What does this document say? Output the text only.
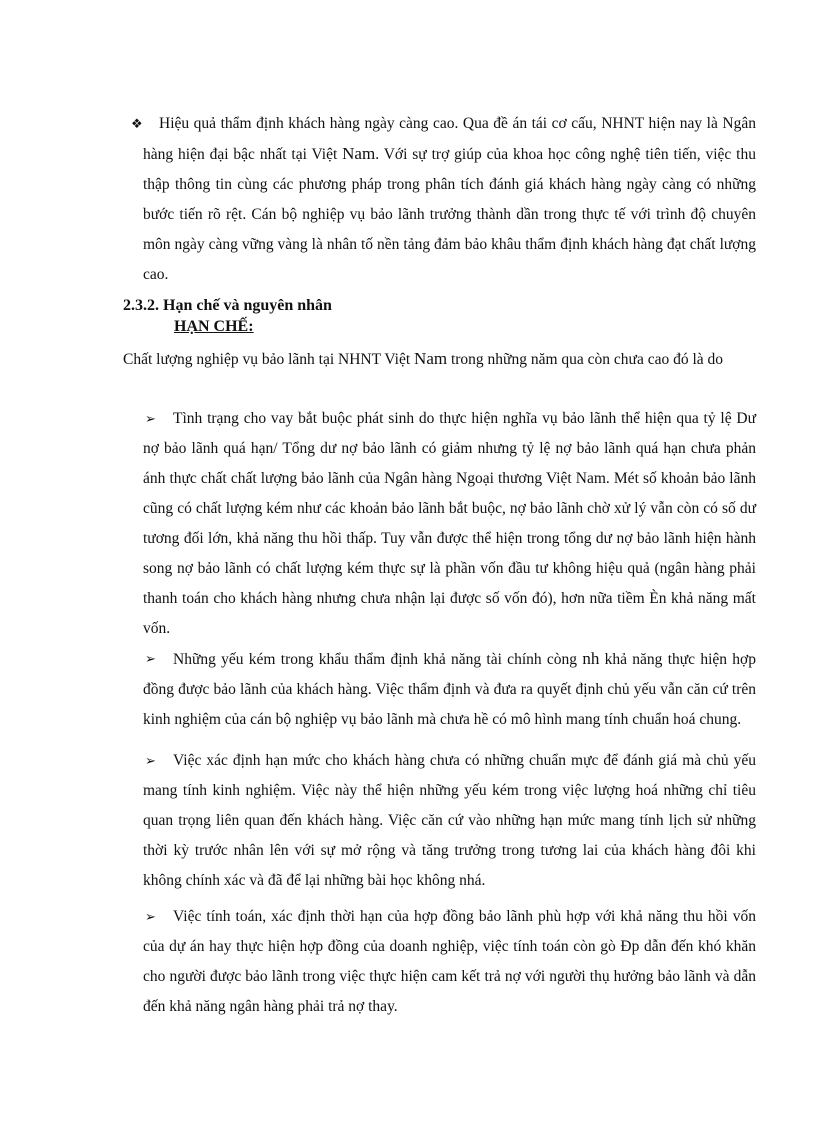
❖	Hiệu quả thẩm định khách hàng ngày càng cao. Qua đề án tái cơ cấu, NHNT hiện nay là Ngân hàng hiện đại bậc nhất tại Việt Nam. Với sự trợ giúp của khoa học công nghệ tiên tiến, việc thu thập thông tin cùng các phương pháp trong phân tích đánh giá khách hàng ngày càng có những bước tiến rõ rệt. Cán bộ nghiệp vụ bảo lãnh trưởng thành dần trong thực tế với trình độ chuyên môn ngày càng vững vàng là nhân tố nền tảng đảm bảo khâu thẩm định khách hàng đạt chất lượng cao.
2.3.2. Hạn chế và nguyên nhân
HẠN CHẾ:
Chất lượng nghiệp vụ bảo lãnh tại NHNT Việt Nam trong những năm qua còn chưa cao đó là do
➢	Tình trạng cho vay bắt buộc phát sinh do thực hiện nghĩa vụ bảo lãnh thể hiện qua tỷ lệ Dư nợ bảo lãnh quá hạn/ Tổng dư nợ bảo lãnh có giảm nhưng tỷ lệ nợ bảo lãnh quá hạn chưa phản ánh thực chất chất lượng bảo lãnh của Ngân hàng Ngoại thương Việt Nam. Mét số khoản bảo lãnh cũng có chất lượng kém như các khoản bảo lãnh bắt buộc, nợ bảo lãnh chờ xử lý vẫn còn có số dư tương đối lớn, khả năng thu hồi thấp. Tuy vẫn được thể hiện trong tổng dư nợ bảo lãnh hiện hành song nợ bảo lãnh có chất lượng kém thực sự là phần vốn đầu tư không hiệu quả (ngân hàng phải thanh toán cho khách hàng nhưng chưa nhận lại được số vốn đó), hơn nữa tiềm Èn khả năng mất vốn.
➢	Những yếu kém trong khẩu thẩm định khả năng tài chính còng nh khả năng thực hiện hợp đồng được bảo lãnh của khách hàng. Việc thẩm định và đưa ra quyết định chủ yếu vẫn căn cứ trên kinh nghiệm của cán bộ nghiệp vụ bảo lãnh mà chưa hề có mô hình mang tính chuẩn hoá chung.
➢	Việc xác định hạn mức cho khách hàng chưa có những chuẩn mực để đánh giá mà chủ yếu mang tính kinh nghiệm. Việc này thể hiện những yếu kém trong việc lượng hoá những chỉ tiêu quan trọng liên quan đến khách hàng. Việc căn cứ vào những hạn mức mang tính lịch sử những thời kỳ trước nhân lên với sự mở rộng và tăng trưởng trong tương lai của khách hàng đôi khi không chính xác và đã để lại những bài học không nhá.
➢	Việc tính toán, xác định thời hạn của hợp đồng bảo lãnh phù hợp với khả năng thu hồi vốn của dự án hay thực hiện hợp đồng của doanh nghiệp, việc tính toán còn gò Ðp dẫn đến khó khăn cho người được bảo lãnh trong việc thực hiện cam kết trả nợ với người thụ hưởng bảo lãnh và dẫn đến khả năng ngân hàng phải trả nợ thay.
